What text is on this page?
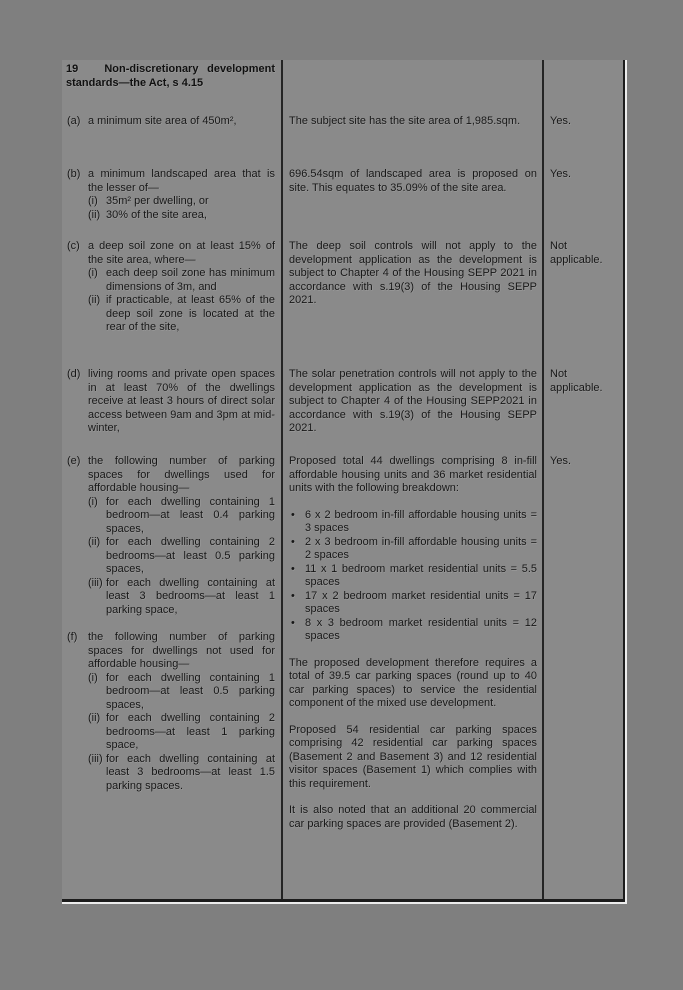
19   Non-discretionary development standards—the Act, s 4.15
(a) a minimum site area of 450m²,	The subject site has the site area of 1,985.sqm.	Yes.
(b) a minimum landscaped area that is the lesser of—
(i) 35m² per dwelling, or
(ii) 30% of the site area,
696.54sqm of landscaped area is proposed on site. This equates to 35.09% of the site area.
Yes.
(c) a deep soil zone on at least 15% of the site area, where—
(i) each deep soil zone has minimum dimensions of 3m, and
(ii) if practicable, at least 65% of the deep soil zone is located at the rear of the site,
The deep soil controls will not apply to the development application as the development is subject to Chapter 4 of the Housing SEPP 2021 in accordance with s.19(3) of the Housing SEPP 2021.
Not applicable.
(d) living rooms and private open spaces in at least 70% of the dwellings receive at least 3 hours of direct solar access between 9am and 3pm at mid-winter,
The solar penetration controls will not apply to the development application as the development is subject to Chapter 4 of the Housing SEPP2021 in accordance with s.19(3) of the Housing SEPP 2021.
Not applicable.
(e) the following number of parking spaces for dwellings used for affordable housing—
(i) for each dwelling containing 1 bedroom—at least 0.4 parking spaces,
(ii) for each dwelling containing 2 bedrooms—at least 0.5 parking spaces,
(iii) for each dwelling containing at least 3 bedrooms—at least 1 parking space,
(f) the following number of parking spaces for dwellings not used for affordable housing—
(i) for each dwelling containing 1 bedroom—at least 0.5 parking spaces,
(ii) for each dwelling containing 2 bedrooms—at least 1 parking space,
(iii) for each dwelling containing at least 3 bedrooms—at least 1.5 parking spaces.
Proposed total 44 dwellings comprising 8 in-fill affordable housing units and 36 market residential units with the following breakdown:
• 6 x 2 bedroom in-fill affordable housing units = 3 spaces
• 2 x 3 bedroom in-fill affordable housing units = 2 spaces
• 11 x 1 bedroom market residential units = 5.5 spaces
• 17 x 2 bedroom market residential units = 17 spaces
• 8 x 3 bedroom market residential units = 12 spaces
The proposed development therefore requires a total of 39.5 car parking spaces (round up to 40 car parking spaces) to service the residential component of the mixed use development.
Proposed 54 residential car parking spaces comprising 42 residential car parking spaces (Basement 2 and Basement 3) and 12 residential visitor spaces (Basement 1) which complies with this requirement.
It is also noted that an additional 20 commercial car parking spaces are provided (Basement 2).
Yes.
